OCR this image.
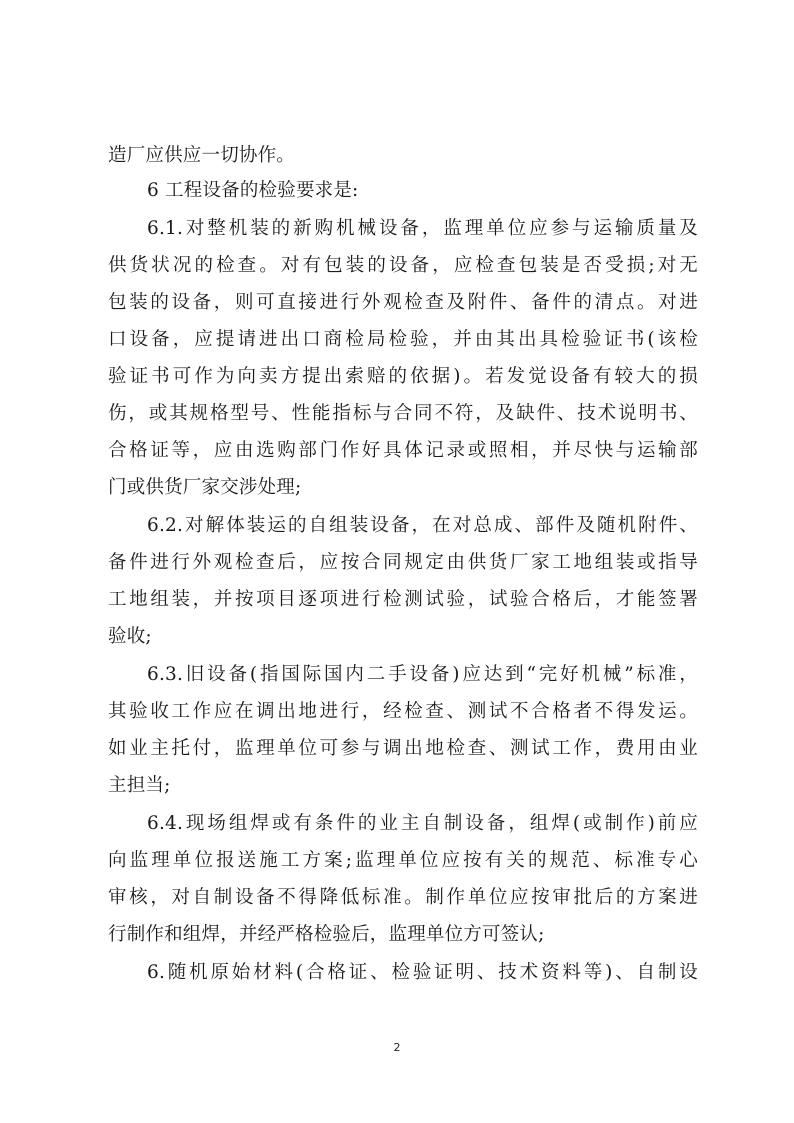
造厂应供应一切协作。
6 工程设备的检验要求是:
6.1.对整机装的新购机械设备，监理单位应参与运输质量及
供货状况的检查。对有包装的设备，应检查包装是否受损;对无
包装的设备，则可直接进行外观检查及附件、备件的清点。对进
口设备，应提请进出口商检局检验，并由其出具检验证书(该检
验证书可作为向卖方提出索赔的依据)。若发觉设备有较大的损
伤，或其规格型号、性能指标与合同不符，及缺件、技术说明书、
合格证等，应由选购部门作好具体记录或照相，并尽快与运输部
门或供货厂家交涉处理;
6.2.对解体装运的自组装设备，在对总成、部件及随机附件、
备件进行外观检查后，应按合同规定由供货厂家工地组装或指导
工地组装，并按项目逐项进行检测试验，试验合格后，才能签署
验收;
6.3.旧设备(指国际国内二手设备)应达到“完好机械”标准，
其验收工作应在调出地进行，经检查、测试不合格者不得发运。
如业主托付，监理单位可参与调出地检查、测试工作，费用由业
主担当;
6.4.现场组焊或有条件的业主自制设备，组焊(或制作)前应
向监理单位报送施工方案;监理单位应按有关的规范、标准专心
审核，对自制设备不得降低标准。制作单位应按审批后的方案进
行制作和组焊，并经严格检验后，监理单位方可签认;
6.随机原始材料(合格证、检验证明、技术资料等)、自制设
2
